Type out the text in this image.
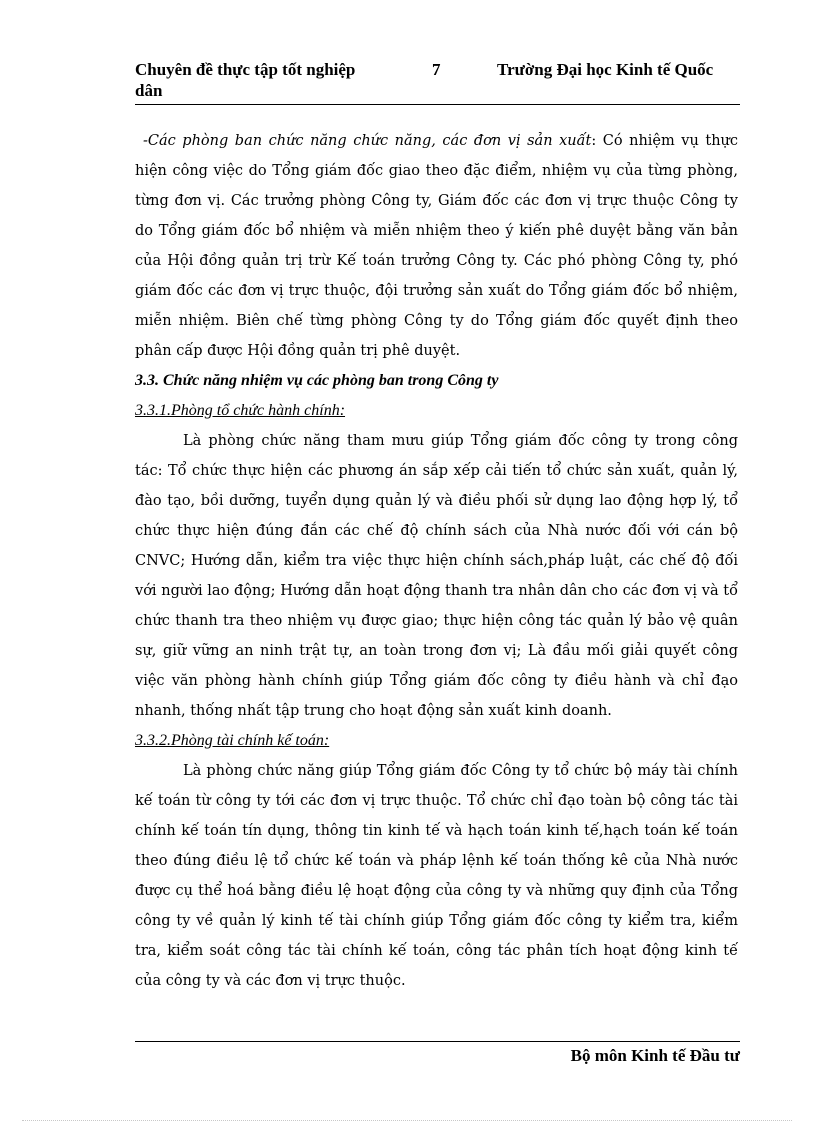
Chuyên đề thực tập tốt nghiệp	7	Trường Đại học Kinh tế Quốc
dân

-Các phòng ban chức năng chức năng, các đơn vị sản xuất: Có nhiệm vụ thực hiện công việc do Tổng giám đốc giao theo đặc điểm, nhiệm vụ của từng phòng, từng đơn vị. Các trưởng phòng Công ty, Giám đốc các đơn vị trực thuộc Công ty do Tổng giám đốc bổ nhiệm và miễn nhiệm theo ý kiến phê duyệt bằng văn bản của Hội đồng quản trị trừ Kế toán trưởng Công ty. Các phó phòng Công ty, phó giám đốc các đơn vị trực thuộc, đội trưởng sản xuất do Tổng giám đốc bổ nhiệm, miễn nhiệm. Biên chế từng phòng Công ty do Tổng giám đốc quyết định theo phân cấp được Hội đồng quản trị phê duyệt.

3.3. Chức năng nhiệm vụ các phòng ban trong Công ty

3.3.1.Phòng tổ chức hành chính:

Là phòng chức năng tham mưu giúp Tổng giám đốc công ty trong công tác: Tổ chức thực hiện các phương án sắp xếp cải tiến tổ chức sản xuất, quản lý, đào tạo, bồi dưỡng, tuyển dụng quản lý và điều phối sử dụng lao động hợp lý, tổ chức thực hiện đúng đắn các chế độ chính sách của Nhà nước đối với cán bộ CNVC; Hướng dẫn, kiểm tra việc thực hiện chính sách,pháp luật, các chế độ đối với người lao động; Hướng dẫn hoạt động thanh tra nhân dân cho các đơn vị và tổ chức thanh tra theo nhiệm vụ được giao; thực hiện công tác quản lý bảo vệ quân sự, giữ vững an ninh trật tự, an toàn trong đơn vị; Là đầu mối giải quyết công việc văn phòng hành chính giúp Tổng giám đốc công ty điều hành và chỉ đạo nhanh, thống nhất tập trung cho hoạt động sản xuất kinh doanh.

3.3.2.Phòng tài chính kế toán:

Là phòng chức năng giúp Tổng giám đốc Công ty tổ chức bộ máy tài chính kế toán từ công ty tới các đơn vị trực thuộc. Tổ chức chỉ đạo toàn bộ công tác tài chính kế toán tín dụng, thông tin kinh tế và hạch toán kinh tế,hạch toán kế toán theo đúng điều lệ tổ chức kế toán và pháp lệnh kế toán thống kê của Nhà nước được cụ thể hoá bằng điều lệ hoạt động của công ty và những quy định của Tổng công ty về quản lý kinh tế tài chính giúp Tổng giám đốc công ty kiểm tra, kiểm tra, kiểm soát công tác tài chính kế toán, công tác phân tích hoạt động kinh tế của công ty và các đơn vị trực thuộc.

Bộ môn Kinh tế Đầu tư
